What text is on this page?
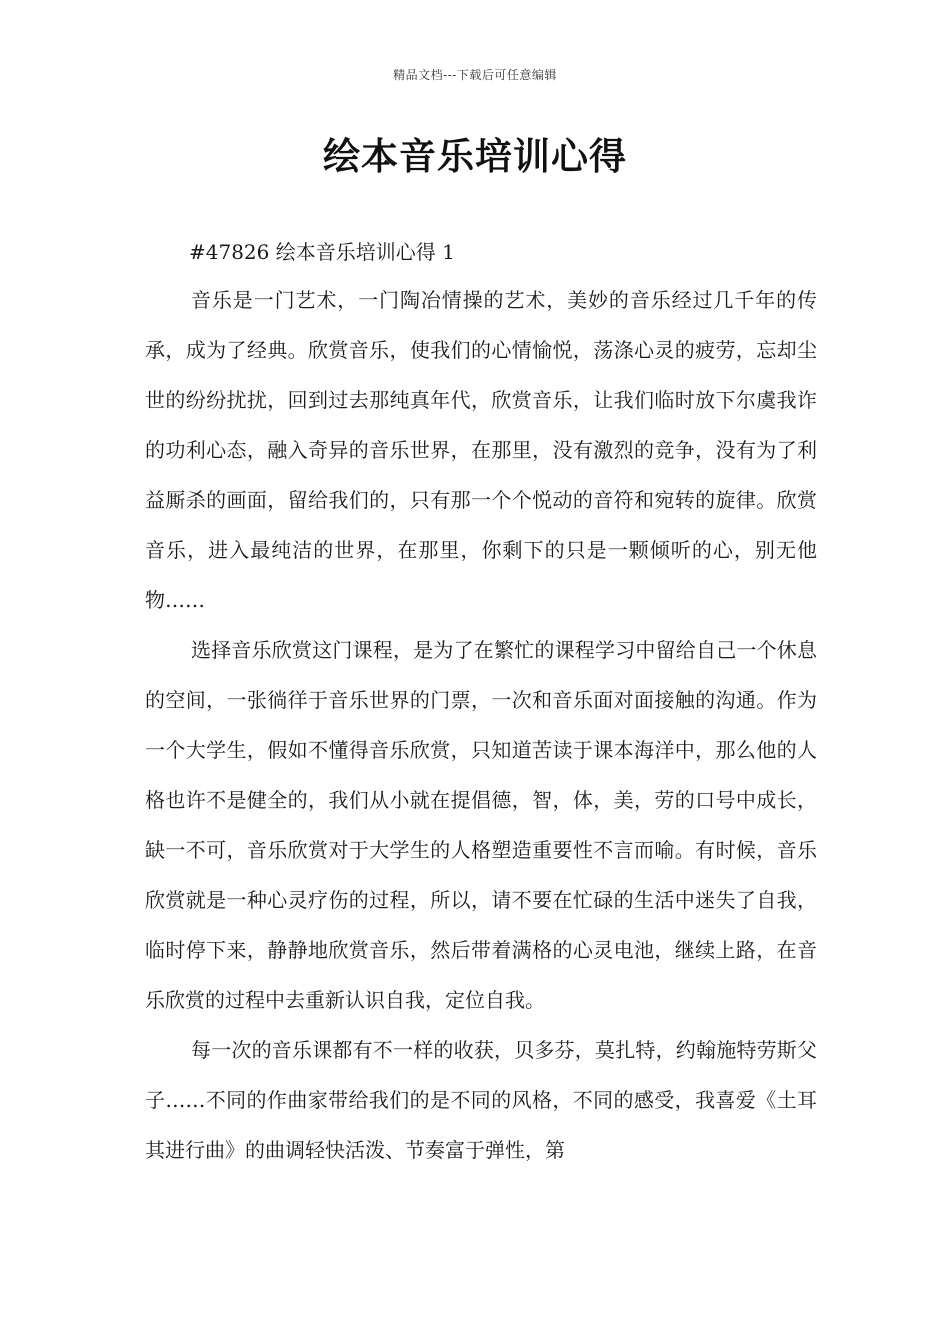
精品文档---下载后可任意编辑
绘本音乐培训心得

#47826 绘本音乐培训心得 1

音乐是一门艺术，一门陶冶情操的艺术，美妙的音乐经过几千年的传承，成为了经典。欣赏音乐，使我们的心情愉悦，荡涤心灵的疲劳，忘却尘世的纷纷扰扰，回到过去那纯真年代，欣赏音乐，让我们临时放下尔虞我诈的功利心态，融入奇异的音乐世界，在那里，没有激烈的竞争，没有为了利益厮杀的画面，留给我们的，只有那一个个悦动的音符和宛转的旋律。欣赏音乐，进入最纯洁的世界，在那里，你剩下的只是一颗倾听的心，别无他物……

选择音乐欣赏这门课程，是为了在繁忙的课程学习中留给自己一个休息的空间，一张徜徉于音乐世界的门票，一次和音乐面对面接触的沟通。作为一个大学生，假如不懂得音乐欣赏，只知道苦读于课本海洋中，那么他的人格也许不是健全的，我们从小就在提倡德，智，体，美，劳的口号中成长，缺一不可，音乐欣赏对于大学生的人格塑造重要性不言而喻。有时候，音乐欣赏就是一种心灵疗伤的过程，所以，请不要在忙碌的生活中迷失了自我，临时停下来，静静地欣赏音乐，然后带着满格的心灵电池，继续上路，在音乐欣赏的过程中去重新认识自我，定位自我。

每一次的音乐课都有不一样的收获，贝多芬，莫扎特，约翰施特劳斯父子……不同的作曲家带给我们的是不同的风格，不同的感受，我喜爱《土耳其进行曲》的曲调轻快活泼、节奏富于弹性，第
